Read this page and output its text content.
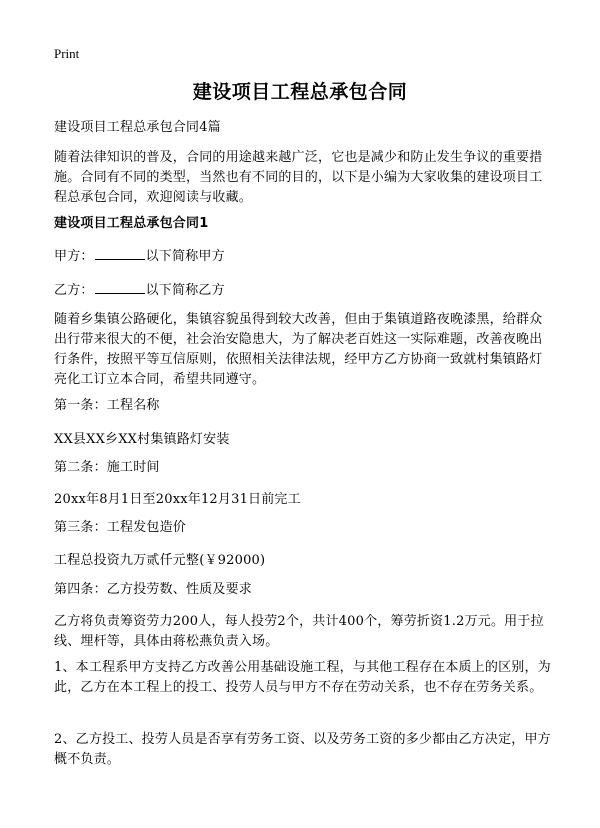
Print
建设项目工程总承包合同
建设项目工程总承包合同4篇
随着法律知识的普及，合同的用途越来越广泛，它也是减少和防止发生争议的重要措施。合同有不同的类型，当然也有不同的目的，以下是小编为大家收集的建设项目工程总承包合同，欢迎阅读与收藏。
建设项目工程总承包合同1
甲方：	以下简称甲方
乙方：	以下简称乙方
随着乡集镇公路硬化，集镇容貌虽得到较大改善，但由于集镇道路夜晚漆黑，给群众出行带来很大的不便，社会治安隐患大，为了解决老百姓这一实际难题，改善夜晚出行条件，按照平等互信原则，依照相关法律法规，经甲方乙方协商一致就村集镇路灯亮化工订立本合同，希望共同遵守。
第一条：工程名称
XX县XX乡XX村集镇路灯安装
第二条：施工时间
20xx年8月1日至20xx年12月31日前完工
第三条：工程发包造价
工程总投资九万贰仟元整(￥92000)
第四条：乙方投劳数、性质及要求
乙方将负责筹资劳力200人，每人投劳2个，共计400个，筹劳折资1.2万元。用于拉线、埋杆等，具体由蒋松燕负责入场。
1、本工程系甲方支持乙方改善公用基础设施工程，与其他工程存在本质上的区别，为此，乙方在本工程上的投工、投劳人员与甲方不存在劳动关系，也不存在劳务关系。
2、乙方投工、投劳人员是否享有劳务工资、以及劳务工资的多少都由乙方决定，甲方概不负责。
